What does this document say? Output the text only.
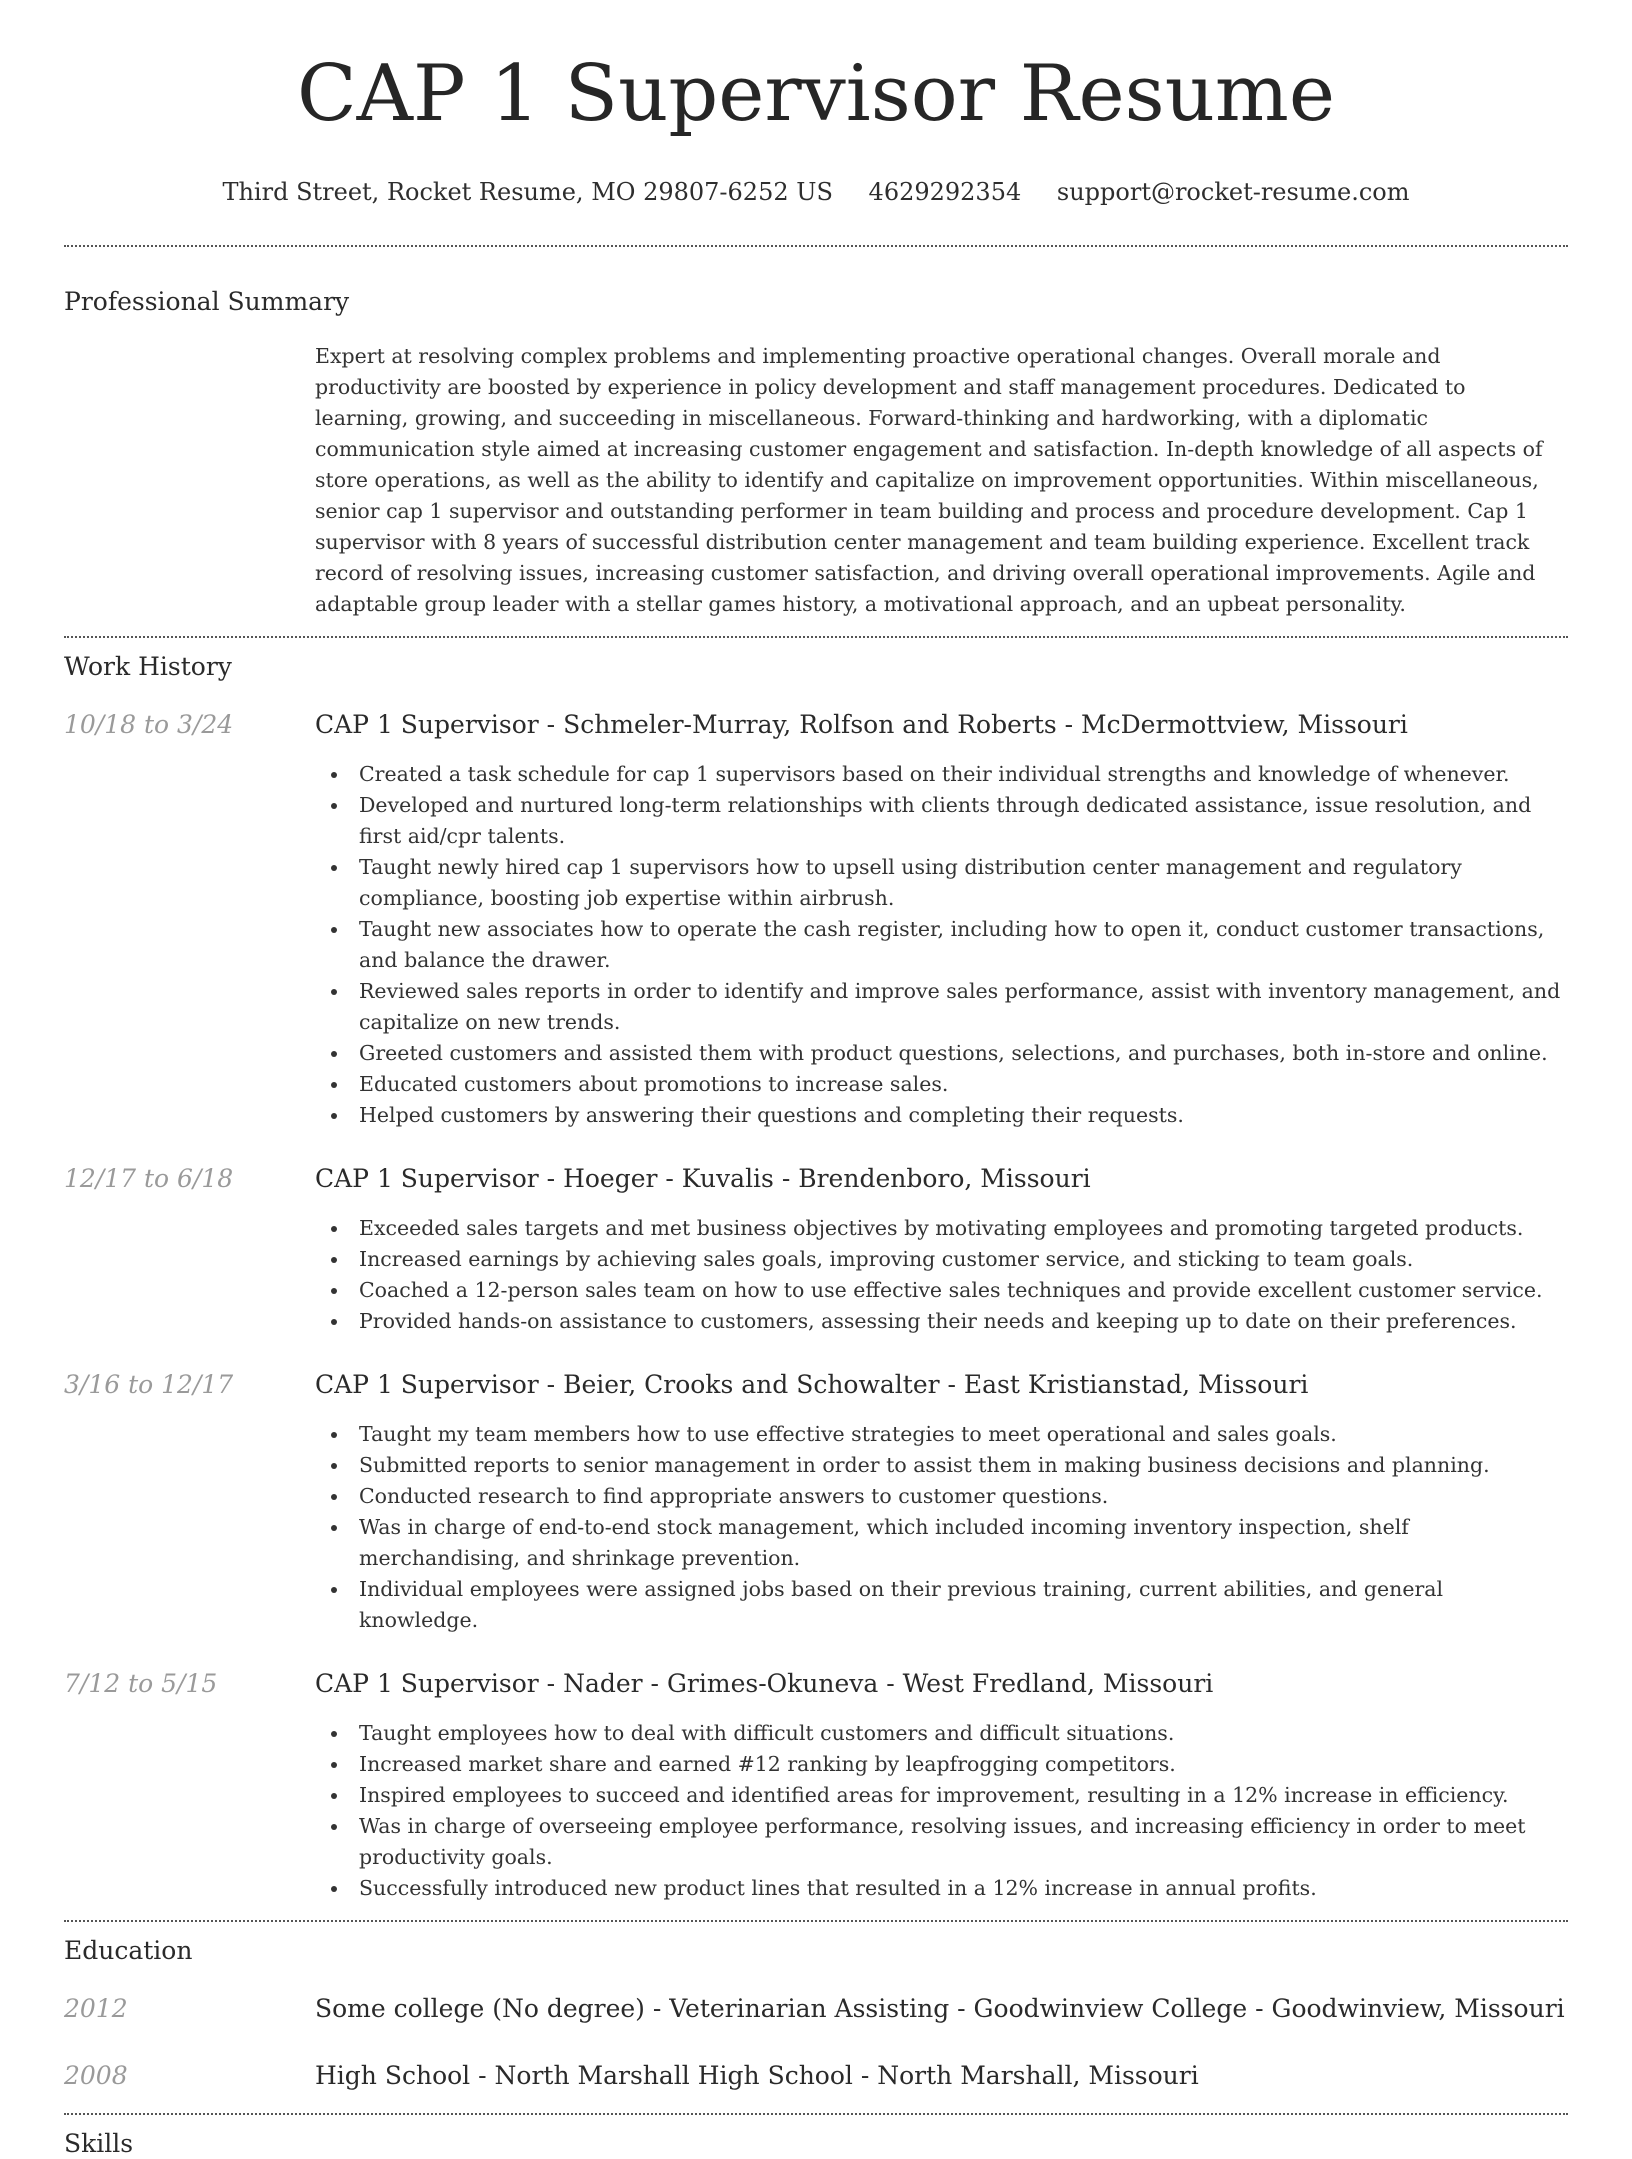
CAP 1 Supervisor Resume
Third Street, Rocket Resume, MO 29807-6252 US 4629292354 support@rocket-resume.com
Professional Summary
Expert at resolving complex problems and implementing proactive operational changes. Overall morale and productivity are boosted by experience in policy development and staff management procedures. Dedicated to learning, growing, and succeeding in miscellaneous. Forward-thinking and hardworking, with a diplomatic communication style aimed at increasing customer engagement and satisfaction. In-depth knowledge of all aspects of store operations, as well as the ability to identify and capitalize on improvement opportunities. Within miscellaneous, senior cap 1 supervisor and outstanding performer in team building and process and procedure development. Cap 1 supervisor with 8 years of successful distribution center management and team building experience. Excellent track record of resolving issues, increasing customer satisfaction, and driving overall operational improvements. Agile and adaptable group leader with a stellar games history, a motivational approach, and an upbeat personality.
Work History
10/18 to 3/24	CAP 1 Supervisor - Schmeler-Murray, Rolfson and Roberts - McDermottview, Missouri
Created a task schedule for cap 1 supervisors based on their individual strengths and knowledge of whenever.
Developed and nurtured long-term relationships with clients through dedicated assistance, issue resolution, and first aid/cpr talents.
Taught newly hired cap 1 supervisors how to upsell using distribution center management and regulatory compliance, boosting job expertise within airbrush.
Taught new associates how to operate the cash register, including how to open it, conduct customer transactions, and balance the drawer.
Reviewed sales reports in order to identify and improve sales performance, assist with inventory management, and capitalize on new trends.
Greeted customers and assisted them with product questions, selections, and purchases, both in-store and online.
Educated customers about promotions to increase sales.
Helped customers by answering their questions and completing their requests.
12/17 to 6/18	CAP 1 Supervisor - Hoeger - Kuvalis - Brendenboro, Missouri
Exceeded sales targets and met business objectives by motivating employees and promoting targeted products.
Increased earnings by achieving sales goals, improving customer service, and sticking to team goals.
Coached a 12-person sales team on how to use effective sales techniques and provide excellent customer service.
Provided hands-on assistance to customers, assessing their needs and keeping up to date on their preferences.
3/16 to 12/17	CAP 1 Supervisor - Beier, Crooks and Schowalter - East Kristianstad, Missouri
Taught my team members how to use effective strategies to meet operational and sales goals.
Submitted reports to senior management in order to assist them in making business decisions and planning.
Conducted research to find appropriate answers to customer questions.
Was in charge of end-to-end stock management, which included incoming inventory inspection, shelf merchandising, and shrinkage prevention.
Individual employees were assigned jobs based on their previous training, current abilities, and general knowledge.
7/12 to 5/15	CAP 1 Supervisor - Nader - Grimes-Okuneva - West Fredland, Missouri
Taught employees how to deal with difficult customers and difficult situations.
Increased market share and earned #12 ranking by leapfrogging competitors.
Inspired employees to succeed and identified areas for improvement, resulting in a 12% increase in efficiency.
Was in charge of overseeing employee performance, resolving issues, and increasing efficiency in order to meet productivity goals.
Successfully introduced new product lines that resulted in a 12% increase in annual profits.
Education
2012	Some college (No degree) - Veterinarian Assisting - Goodwinview College - Goodwinview, Missouri
2008	High School - North Marshall High School - North Marshall, Missouri
Skills
